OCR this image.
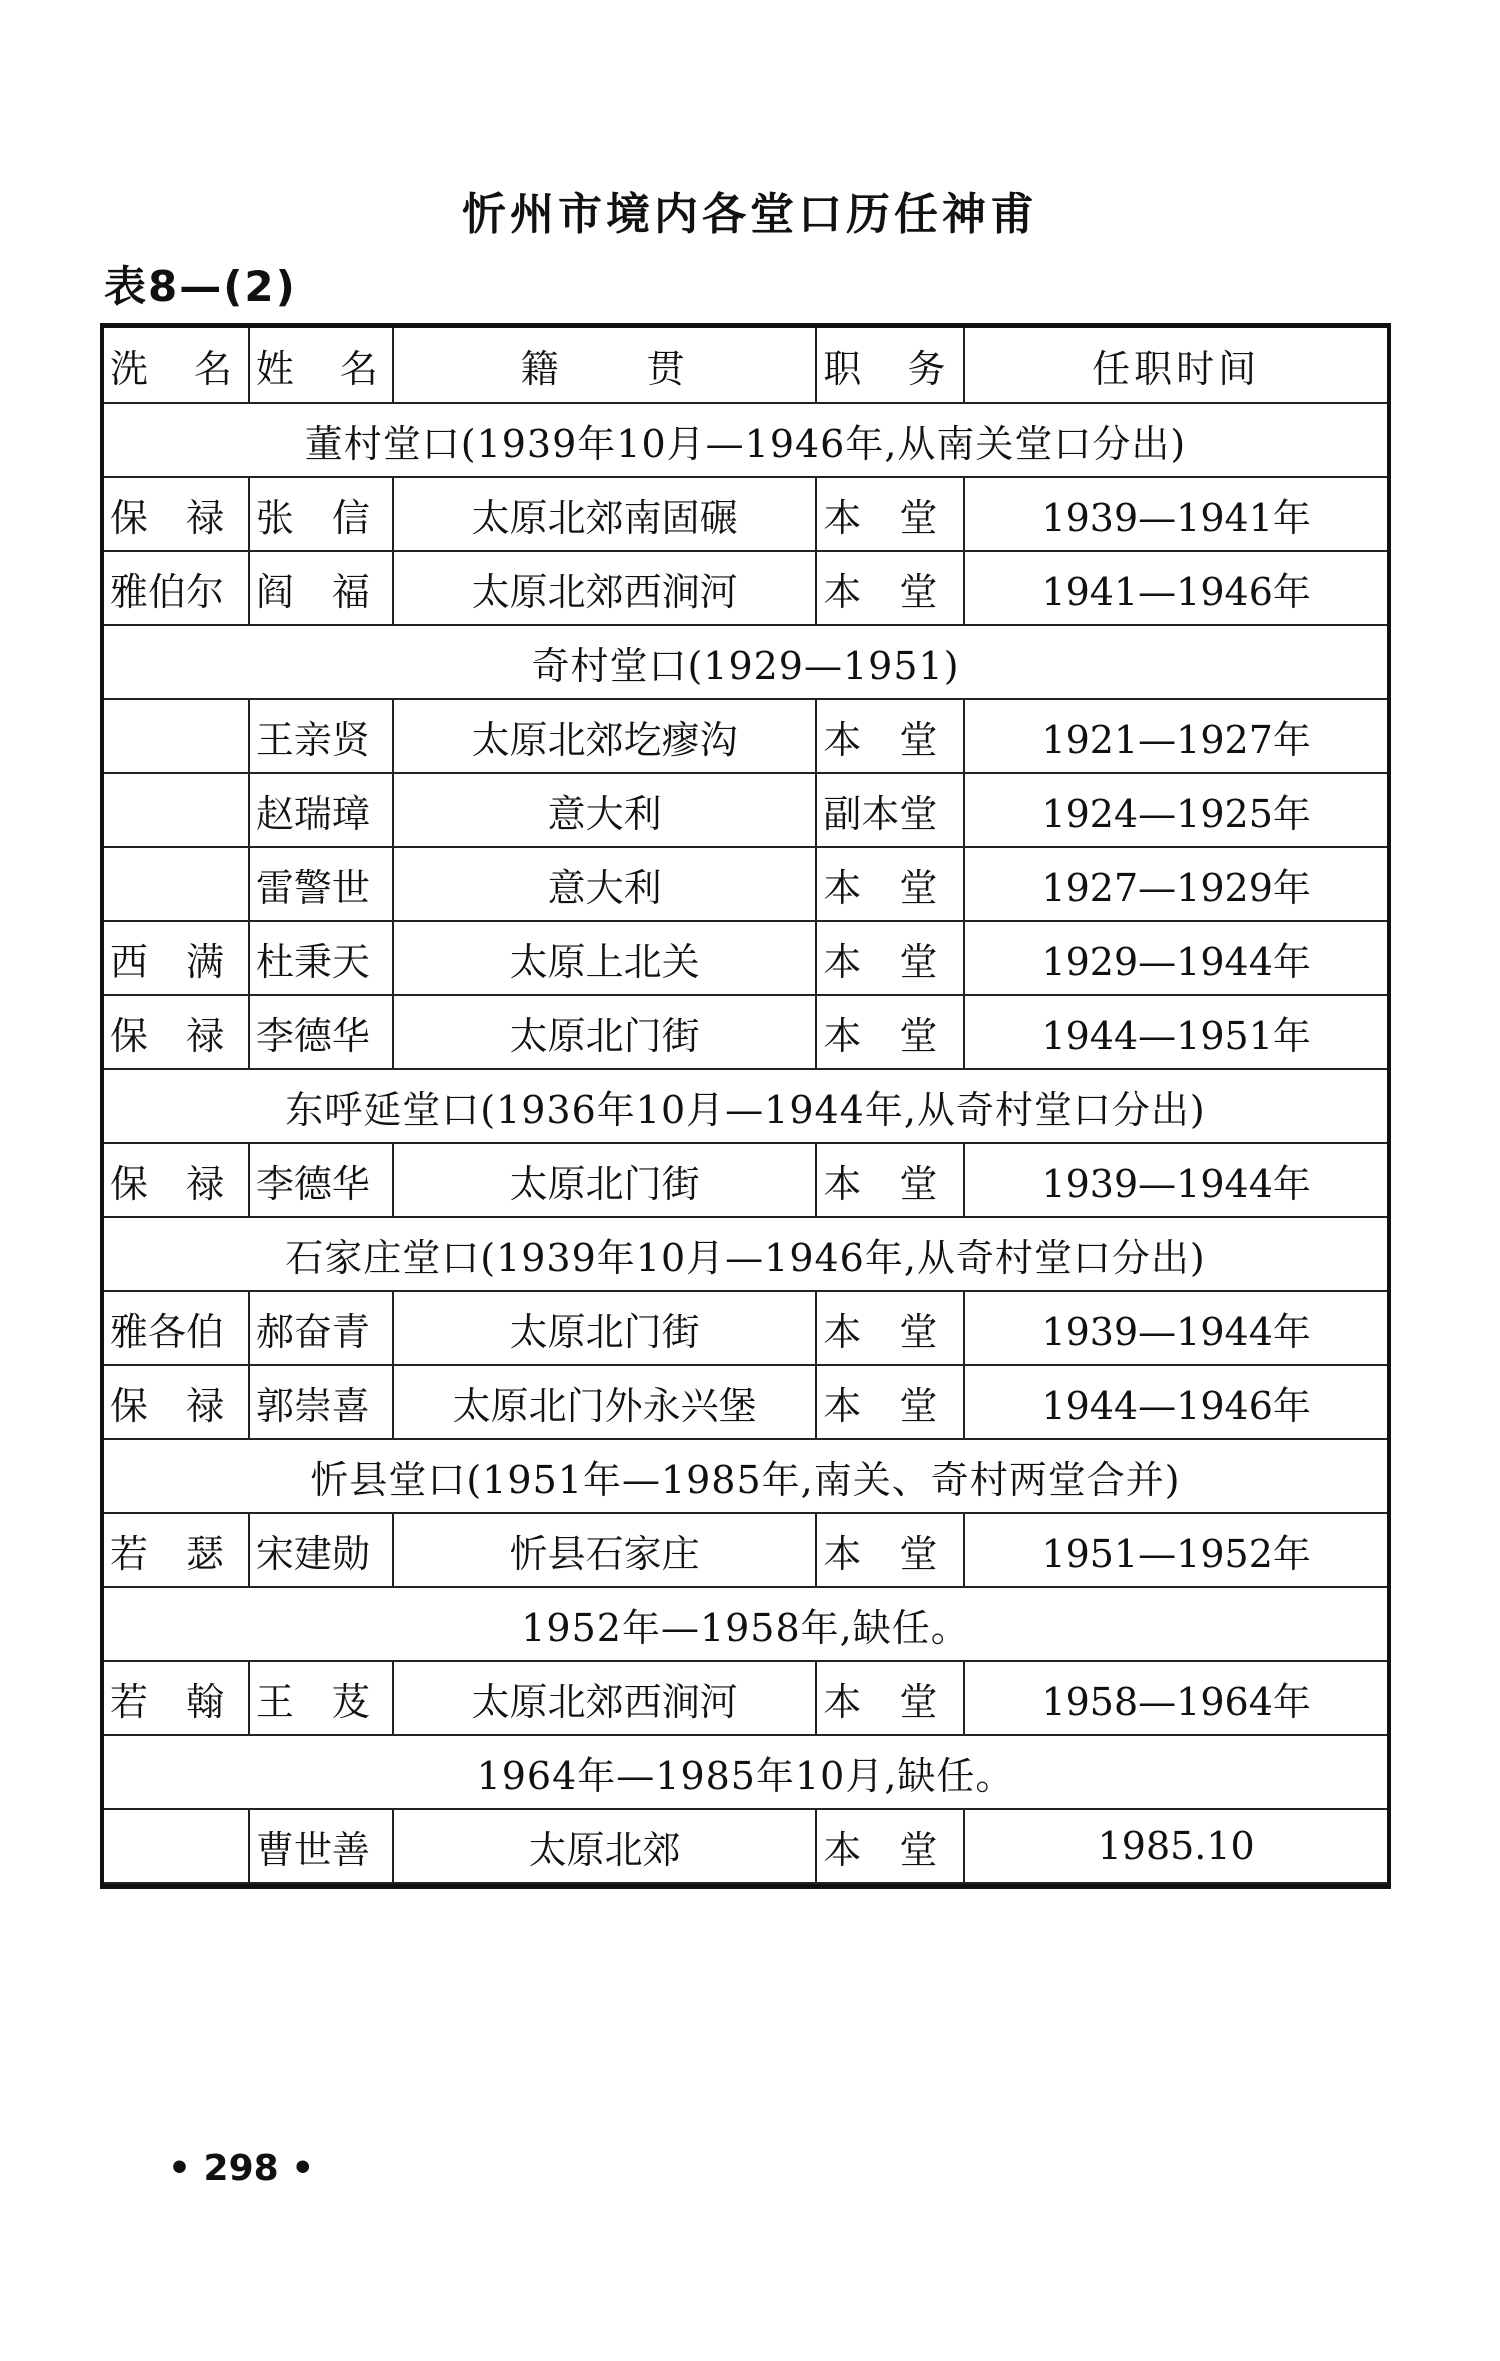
忻州市境内各堂口历任神甫
表8—(2)
洗　名	姓　名	籍　　贯	职　务	任职时间
董村堂口(1939年10月—1946年,从南关堂口分出)				
保　禄	张　信	太原北郊南固碾	本　堂	1939—1941年
雅伯尔	阎　福	太原北郊西涧河	本　堂	1941—1946年
奇村堂口(1929—1951)				
	王亲贤	太原北郊圪瘳沟	本　堂	1921—1927年
	赵瑞璋	意大利	副本堂	1924—1925年
	雷警世	意大利	本　堂	1927—1929年
西　满	杜秉天	太原上北关	本　堂	1929—1944年
保　禄	李德华	太原北门街	本　堂	1944—1951年
东呼延堂口(1936年10月—1944年,从奇村堂口分出)				
保　禄	李德华	太原北门街	本　堂	1939—1944年
石家庄堂口(1939年10月—1946年,从奇村堂口分出)				
雅各伯	郝奋青	太原北门街	本　堂	1939—1944年
保　禄	郭崇喜	太原北门外永兴堡	本　堂	1944—1946年
忻县堂口(1951年—1985年,南关、奇村两堂合并)				
若　瑟	宋建勋	忻县石家庄	本　堂	1951—1952年
1952年—1958年,缺任。				
若　翰	王　芨	太原北郊西涧河	本　堂	1958—1964年
1964年—1985年10月,缺任。				
	曹世善	太原北郊	本　堂	1985.10
• 298 •
